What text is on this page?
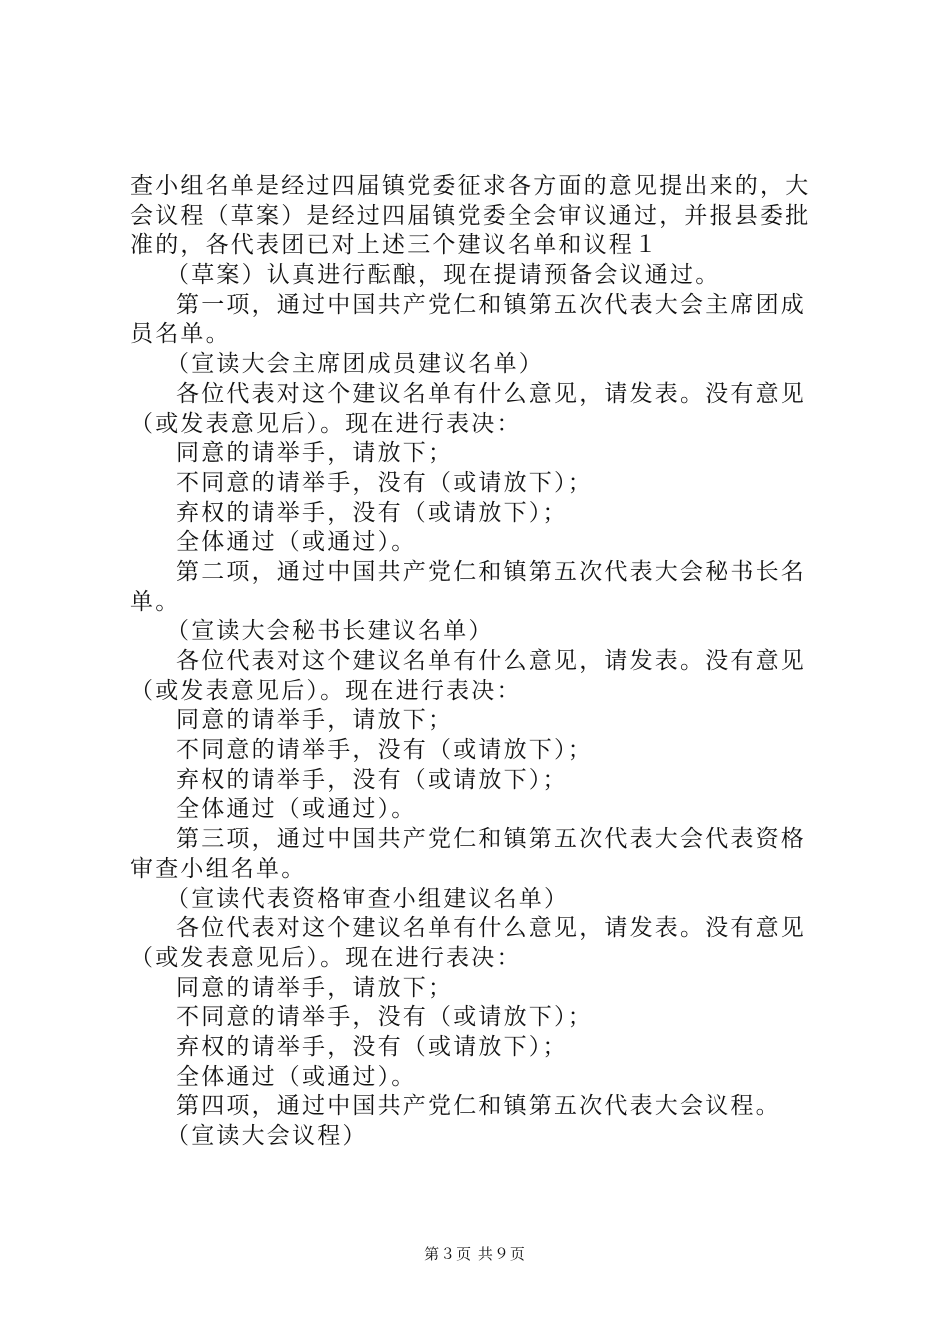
查小组名单是经过四届镇党委征求各方面的意见提出来的，大
会议程（草案）是经过四届镇党委全会审议通过，并报县委批
准的，各代表团已对上述三个建议名单和议程１
（草案）认真进行酝酿，现在提请预备会议通过。
第一项，通过中国共产党仁和镇第五次代表大会主席团成
员名单。
（宣读大会主席团成员建议名单）
各位代表对这个建议名单有什么意见，请发表。没有意见
（或发表意见后）。现在进行表决：
同意的请举手，请放下；
不同意的请举手，没有（或请放下）；
弃权的请举手，没有（或请放下）；
全体通过（或通过）。
第二项，通过中国共产党仁和镇第五次代表大会秘书长名
单。
（宣读大会秘书长建议名单）
各位代表对这个建议名单有什么意见，请发表。没有意见
（或发表意见后）。现在进行表决：
同意的请举手，请放下；
不同意的请举手，没有（或请放下）；
弃权的请举手，没有（或请放下）；
全体通过（或通过）。
第三项，通过中国共产党仁和镇第五次代表大会代表资格
审查小组名单。
（宣读代表资格审查小组建议名单）
各位代表对这个建议名单有什么意见，请发表。没有意见
（或发表意见后）。现在进行表决：
同意的请举手，请放下；
不同意的请举手，没有（或请放下）；
弃权的请举手，没有（或请放下）；
全体通过（或通过）。
第四项，通过中国共产党仁和镇第五次代表大会议程。
（宣读大会议程）
第３页 共９页
